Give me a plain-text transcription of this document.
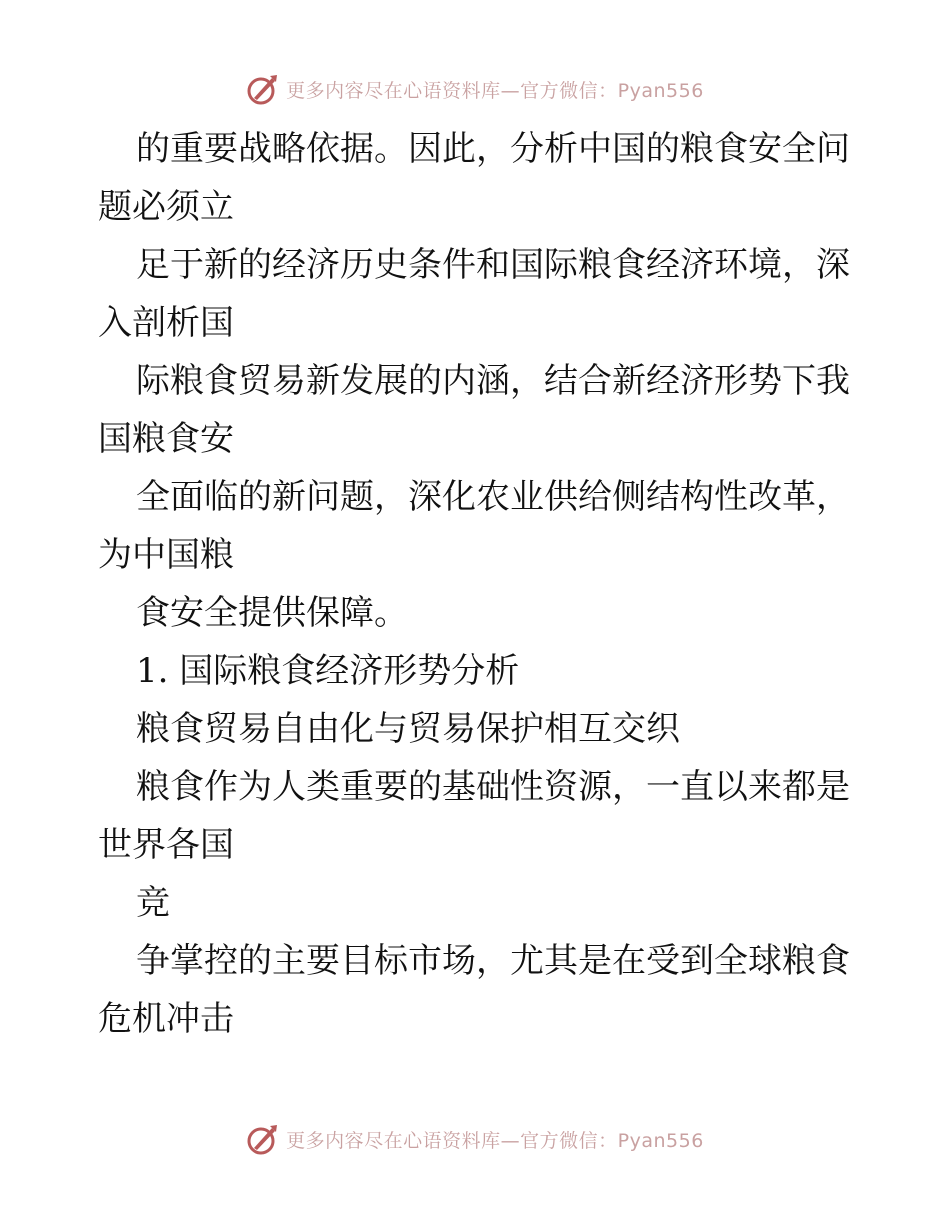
更多内容尽在心语资料库—官方微信：Pyan556

的重要战略依据。因此，分析中国的粮食安全问
题必须立

足于新的经济历史条件和国际粮食经济环境，深
入剖析国

际粮食贸易新发展的内涵，结合新经济形势下我
国粮食安

全面临的新问题，深化农业供给侧结构性改革，
为中国粮

食安全提供保障。

1. 国际粮食经济形势分析

粮食贸易自由化与贸易保护相互交织

粮食作为人类重要的基础性资源，一直以来都是
世界各国

竞

争掌控的主要目标市场，尤其是在受到全球粮食
危机冲击

更多内容尽在心语资料库—官方微信：Pyan556
